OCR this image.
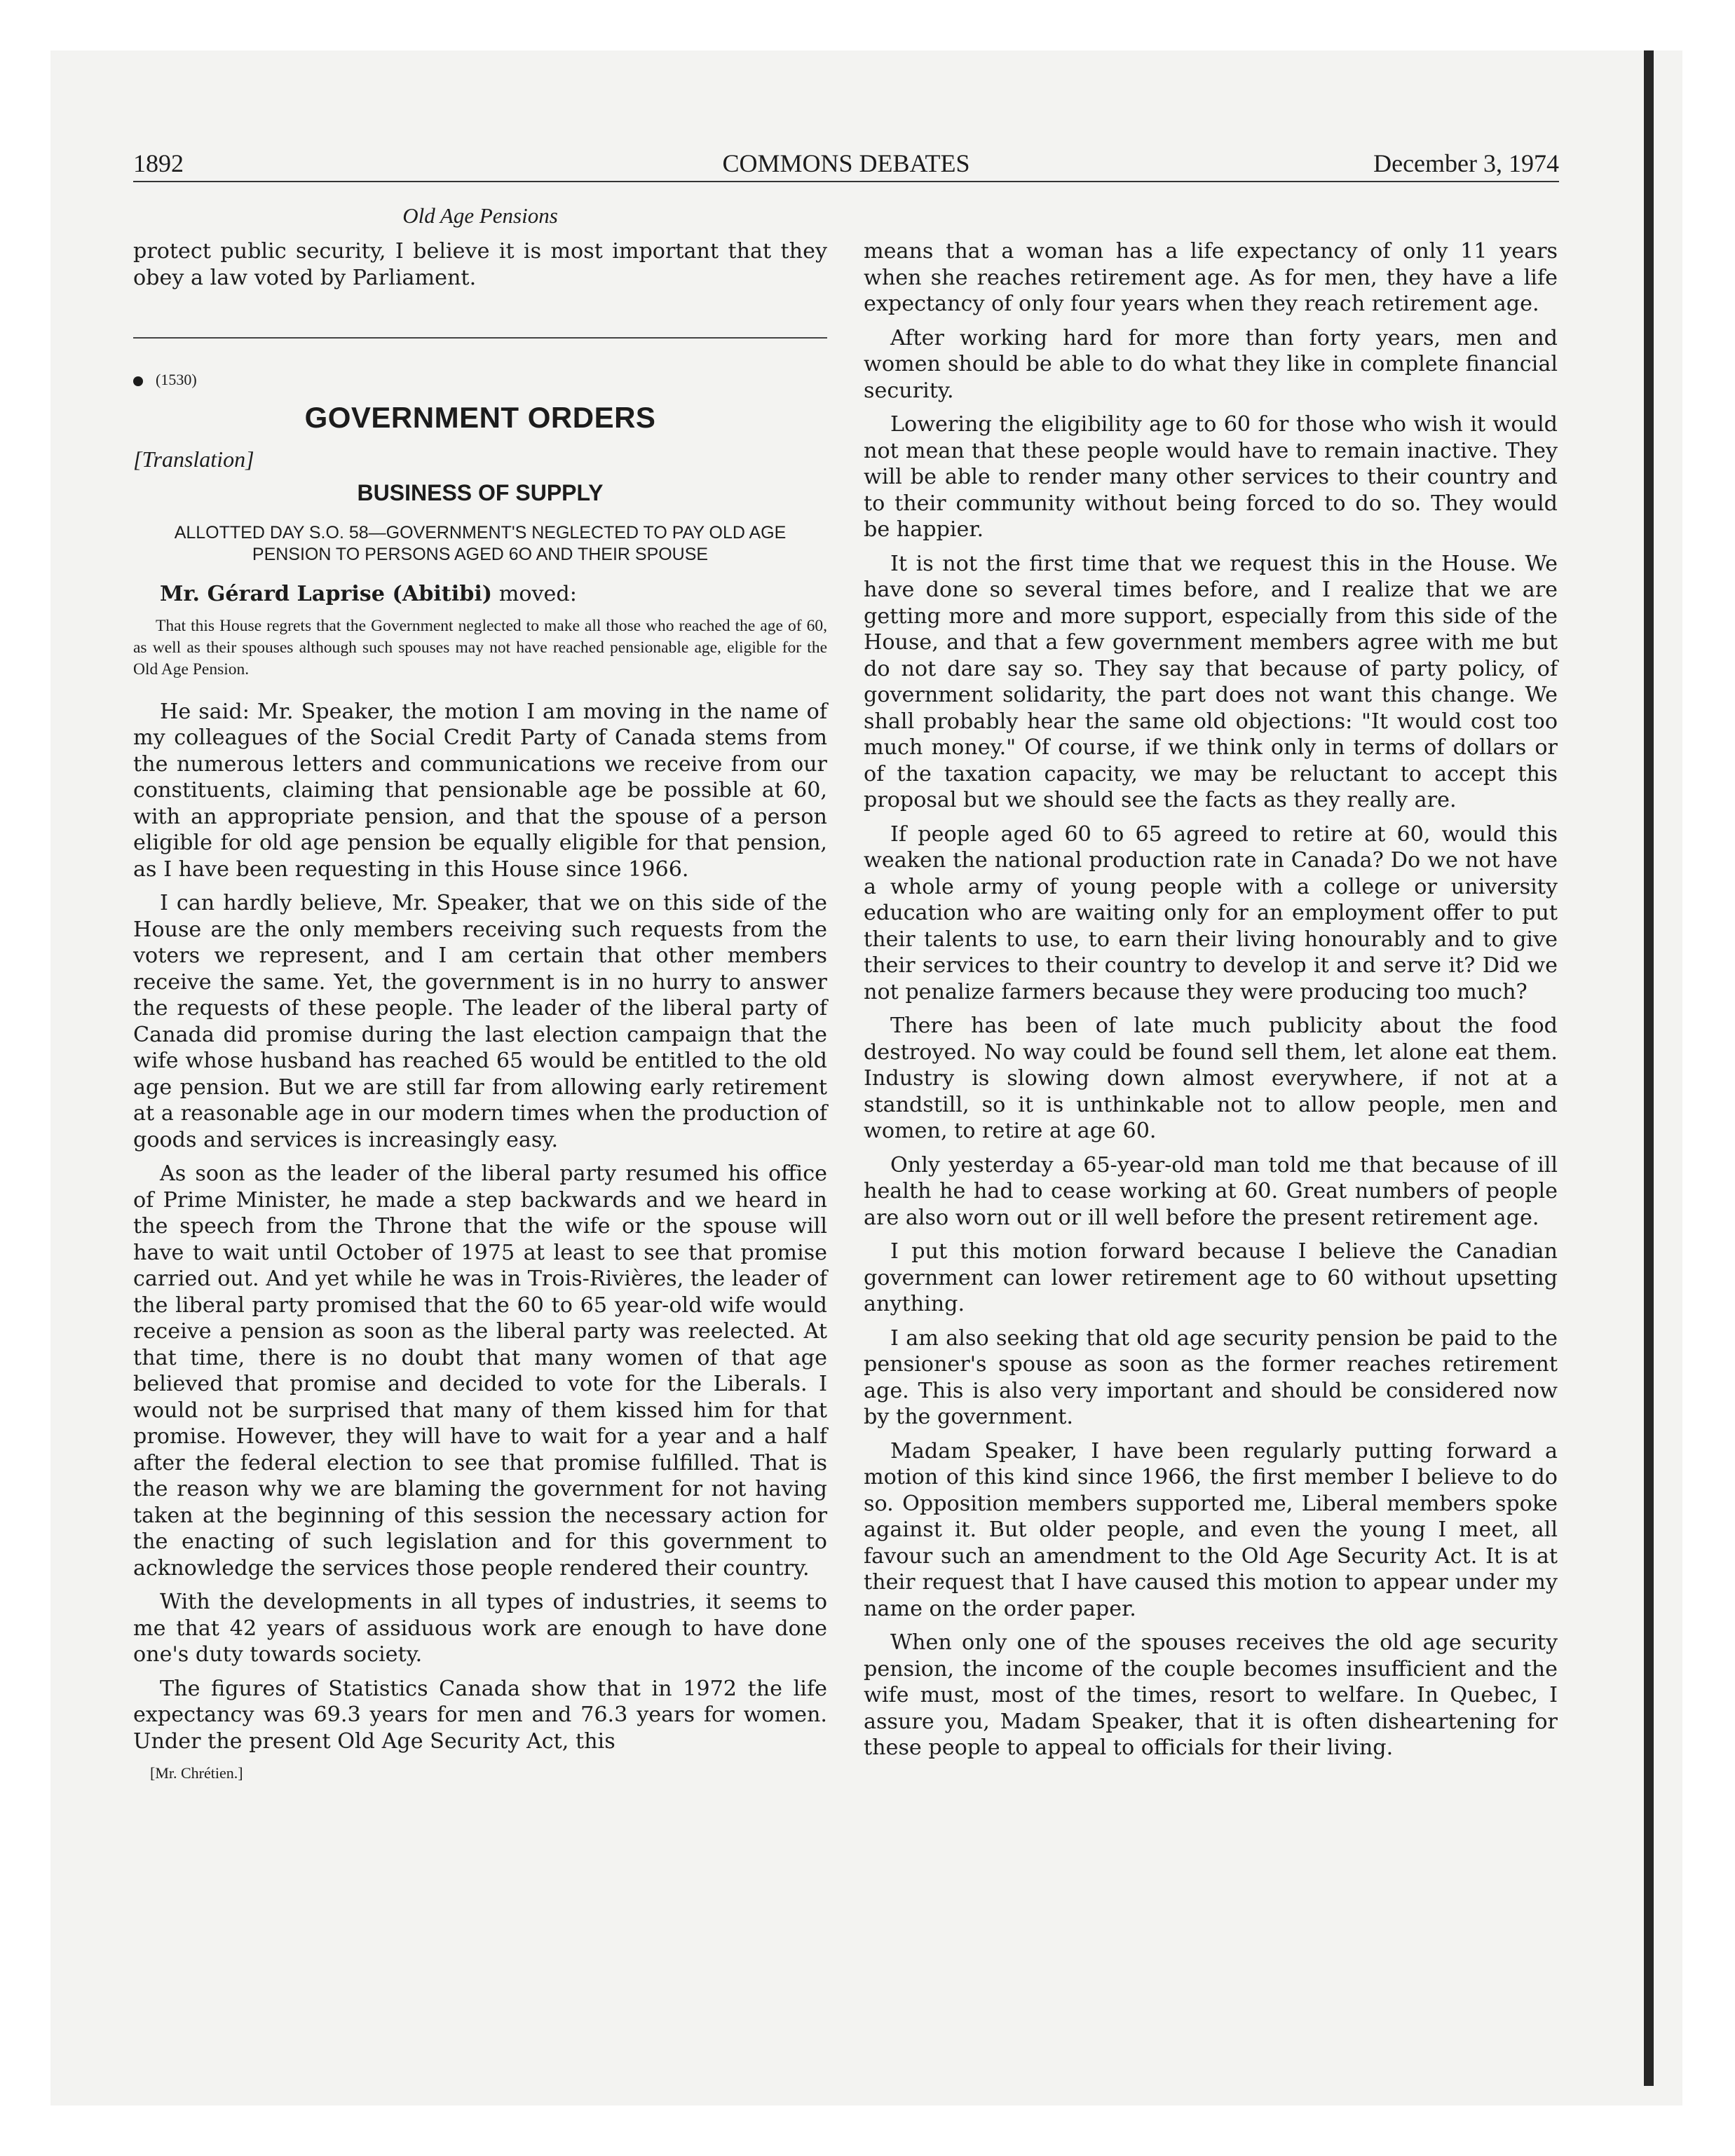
1892	COMMONS DEBATES	December 3, 1974
Old Age Pensions

protect public security, I believe it is most important that they obey a law voted by Parliament.

(1530)
GOVERNMENT ORDERS
[Translation]
BUSINESS OF SUPPLY
ALLOTTED DAY S.O. 58—GOVERNMENT'S NEGLECTED TO PAY OLD AGE PENSION TO PERSONS AGED 6O AND THEIR SPOUSE

Mr. Gérard Laprise (Abitibi) moved:

That this House regrets that the Government neglected to make all those who reached the age of 60, as well as their spouses although such spouses may not have reached pensionable age, eligible for the Old Age Pension.

He said: Mr. Speaker, the motion I am moving in the name of my colleagues of the Social Credit Party of Canada stems from the numerous letters and communications we receive from our constituents, claiming that pensionable age be possible at 60, with an appropriate pension, and that the spouse of a person eligible for old age pension be equally eligible for that pension, as I have been requesting in this House since 1966.

I can hardly believe, Mr. Speaker, that we on this side of the House are the only members receiving such requests from the voters we represent, and I am certain that other members receive the same. Yet, the government is in no hurry to answer the requests of these people. The leader of the liberal party of Canada did promise during the last election campaign that the wife whose husband has reached 65 would be entitled to the old age pension. But we are still far from allowing early retirement at a reasonable age in our modern times when the production of goods and services is increasingly easy.

As soon as the leader of the liberal party resumed his office of Prime Minister, he made a step backwards and we heard in the speech from the Throne that the wife or the spouse will have to wait until October of 1975 at least to see that promise carried out. And yet while he was in Trois-Rivières, the leader of the liberal party promised that the 60 to 65 year-old wife would receive a pension as soon as the liberal party was reelected. At that time, there is no doubt that many women of that age believed that promise and decided to vote for the Liberals. I would not be surprised that many of them kissed him for that promise. However, they will have to wait for a year and a half after the federal election to see that promise fulfilled. That is the reason why we are blaming the government for not having taken at the beginning of this session the necessary action for the enacting of such legislation and for this government to acknowledge the services those people rendered their country.

With the developments in all types of industries, it seems to me that 42 years of assiduous work are enough to have done one's duty towards society.

The figures of Statistics Canada show that in 1972 the life expectancy was 69.3 years for men and 76.3 years for women. Under the present Old Age Security Act, this

[Mr. Chrétien.]

means that a woman has a life expectancy of only 11 years when she reaches retirement age. As for men, they have a life expectancy of only four years when they reach retirement age.

After working hard for more than forty years, men and women should be able to do what they like in complete financial security.

Lowering the eligibility age to 60 for those who wish it would not mean that these people would have to remain inactive. They will be able to render many other services to their country and to their community without being forced to do so. They would be happier.

It is not the first time that we request this in the House. We have done so several times before, and I realize that we are getting more and more support, especially from this side of the House, and that a few government members agree with me but do not dare say so. They say that because of party policy, of government solidarity, the part does not want this change. We shall probably hear the same old objections: "It would cost too much money." Of course, if we think only in terms of dollars or of the taxation capacity, we may be reluctant to accept this proposal but we should see the facts as they really are.

If people aged 60 to 65 agreed to retire at 60, would this weaken the national production rate in Canada? Do we not have a whole army of young people with a college or university education who are waiting only for an employment offer to put their talents to use, to earn their living honourably and to give their services to their country to develop it and serve it? Did we not penalize farmers because they were producing too much?

There has been of late much publicity about the food destroyed. No way could be found sell them, let alone eat them. Industry is slowing down almost everywhere, if not at a standstill, so it is unthinkable not to allow people, men and women, to retire at age 60.

Only yesterday a 65-year-old man told me that because of ill health he had to cease working at 60. Great numbers of people are also worn out or ill well before the present retirement age.

I put this motion forward because I believe the Canadian government can lower retirement age to 60 without upsetting anything.

I am also seeking that old age security pension be paid to the pensioner's spouse as soon as the former reaches retirement age. This is also very important and should be considered now by the government.

Madam Speaker, I have been regularly putting forward a motion of this kind since 1966, the first member I believe to do so. Opposition members supported me, Liberal members spoke against it. But older people, and even the young I meet, all favour such an amendment to the Old Age Security Act. It is at their request that I have caused this motion to appear under my name on the order paper.

When only one of the spouses receives the old age security pension, the income of the couple becomes insufficient and the wife must, most of the times, resort to welfare. In Quebec, I assure you, Madam Speaker, that it is often disheartening for these people to appeal to officials for their living.
